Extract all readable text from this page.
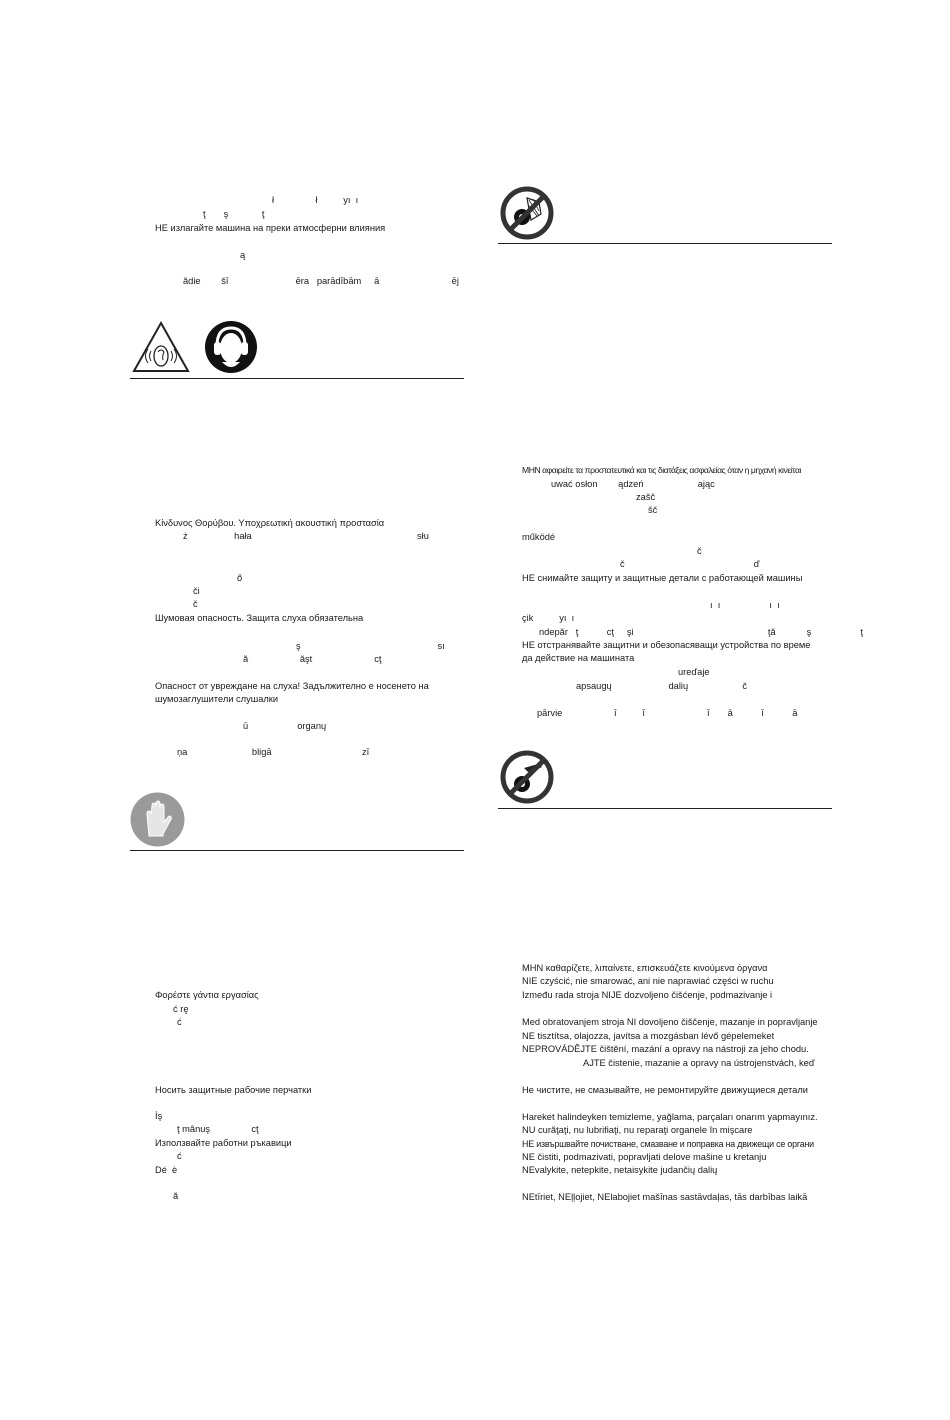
ł                ł          yı  ı
ţ       ş             ţ
НЕ излагайте машина на преки атмосферни влияния
ą
ădie        šī                          ēra   parādībām     ā                            ēj
Κίνδυνος Θορύβου. Υποχρεωτική ακουστική προστασία
ż                  hała                                                                słu
ő
či
č
Шумовая опасность. Защита слуха обязательна
ş                                                     sı
ă                    ăşt                        cţ
Опасност от увреждане на слуха! Задължително е носенето на
шумозаглушители слушалки
ū                   organų
ņa                         bligā                                   zī
Φορέστε γάντια εργασίας
ć rę
ć
Носить защитные рабочие перчатки
İş
ţ mânuş                cţ
Използвайте работни ръкавици
ć
Dé  è
ă
MHN αφαιρείτε τα προστατευτικά και τις διατάξεις ασφαλείας όταν η μηχανή κινείται
uwać osłon        ądzeń                     ając
zašč
šč
működé
č
č                                                  ď
НЕ снимайте защиту и защитные детали с работающей машины
ı  ı                   ı  ı
çik          yı  ı
ndepăr   ţ           cţ     şi                                                    ţă            ş                   ţ
НЕ отстранявайте защитни и обезопасяващи устройства по време
да действие на машината
ureďaje
apsaugų                      dalių                     č
pārvie                    ī          ī                        ī       ā           ī           ā
MHN καθαρίζετε, λιπαίνετε, επισκευάζετε κινούμενα όργανα
NIE czyścić, nie smarować, ani nie naprawiać części w ruchu
Između rada stroja NIJE dozvoljeno čišćenje, podmazivanje i
Med obratovanjem stroja NI dovoljeno čiščenje, mazanje in popravljanje
NE tisztítsa, olajozza, javítsa a mozgásban lévő gépelemeket
NEPROVÁDĚJTE čištění, mazání a opravy na nástroji za jeho chodu.
AJTE čistenie, mazanie a opravy na ústrojenstvách, keď
Не чистите, не смазывайте, не ремонтируйте движущиеся детали
Hareket halindeyken temizleme, yağlama, parçaları onarım yapmayınız.
NU curăţaţi, nu lubrifiaţi, nu reparaţi organele în mişcare
НЕ извършвайте почистване, смазване и поправка на движещи се органи
NE čistiti, podmazivati, popravljati delove mašine u kretanju
NEvalykite, netepkite, netaisykite judančių dalių
NEtīriet, NEļļojiet, NElabojiet mašīnas sastāvdaļas, tās darbības laikā
